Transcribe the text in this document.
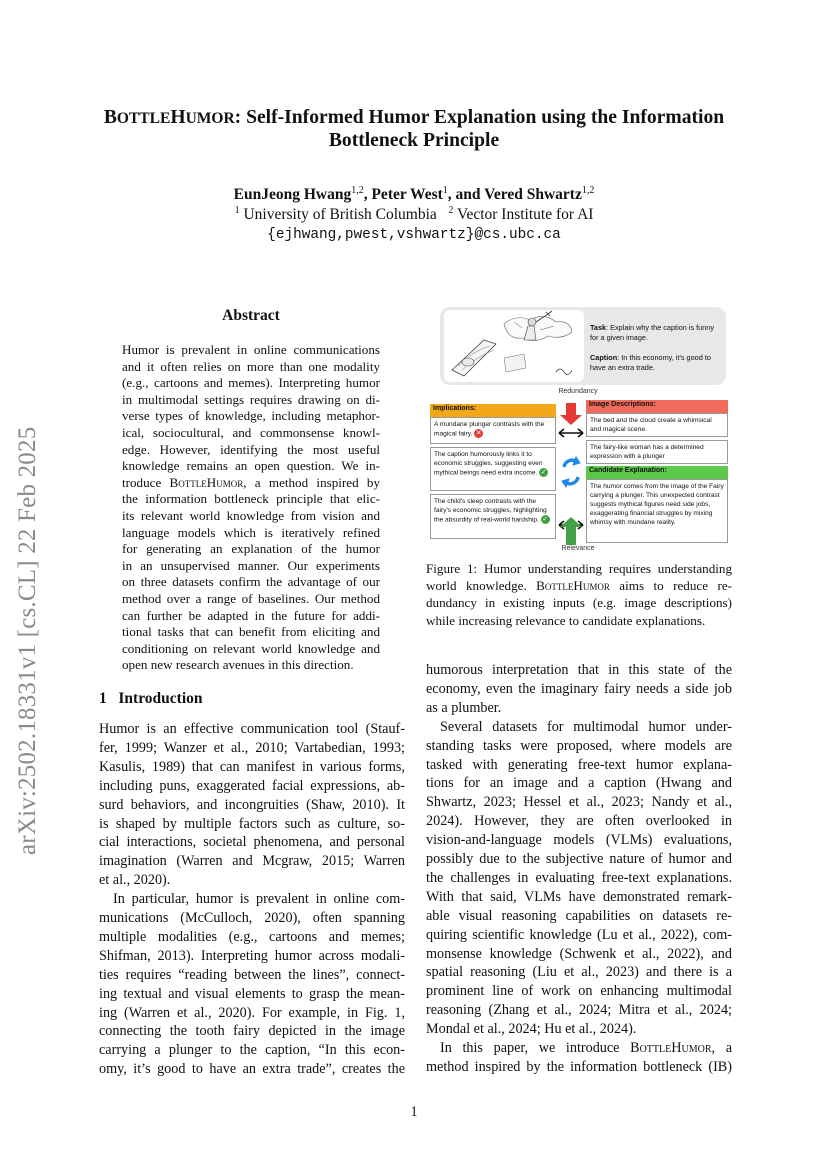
arXiv:2502.18331v1 [cs.CL] 22 Feb 2025
BOTTLEHUMOR: Self-Informed Humor Explanation using the Information
Bottleneck Principle
EunJeong Hwang$^{1,2}$, Peter West$^1$, and Vered Shwartz$^{1,2}$
$^1$ University of British Columbia   $^2$ Vector Institute for AI
{ejhwang,pwest,vshwartz}@cs.ubc.ca
Abstract
Humor is prevalent in online communications
and it often relies on more than one modality
(e.g., cartoons and memes). Interpreting humor
in multimodal settings requires drawing on di-
verse types of knowledge, including metaphor-
ical, sociocultural, and commonsense knowl-
edge. However, identifying the most useful
knowledge remains an open question. We in-
troduce BottleHumor, a method inspired by
the information bottleneck principle that elic-
its relevant world knowledge from vision and
language models which is iteratively refined
for generating an explanation of the humor
in an unsupervised manner. Our experiments
on three datasets confirm the advantage of our
method over a range of baselines. Our method
can further be adapted in the future for addi-
tional tasks that can benefit from eliciting and
conditioning on relevant world knowledge and
open new research avenues in this direction.
1 Introduction
Humor is an effective communication tool (Stauf-
fer, 1999; Wanzer et al., 2010; Vartabedian, 1993;
Kasulis, 1989) that can manifest in various forms,
including puns, exaggerated facial expressions, ab-
surd behaviors, and incongruities (Shaw, 2010). It
is shaped by multiple factors such as culture, so-
cial interactions, societal phenomena, and personal
imagination (Warren and Mcgraw, 2015; Warren
et al., 2020).
In particular, humor is prevalent in online com-
munications (McCulloch, 2020), often spanning
multiple modalities (e.g., cartoons and memes;
Shifman, 2013). Interpreting humor across modali-
ties requires “reading between the lines”, connect-
ing textual and visual elements to grasp the mean-
ing (Warren et al., 2020). For example, in Fig. 1,
connecting the tooth fairy depicted in the image
carrying a plunger to the caption, “In this econ-
omy, it’s good to have an extra trade”, creates the
humorous interpretation that in this state of the
economy, even the imaginary fairy needs a side job
as a plumber.
Several datasets for multimodal humor under-
standing tasks were proposed, where models are
tasked with generating free-text humor explana-
tions for an image and a caption (Hwang and
Shwartz, 2023; Hessel et al., 2023; Nandy et al.,
2024). However, they are often overlooked in
vision-and-language models (VLMs) evaluations,
possibly due to the subjective nature of humor and
the challenges in evaluating free-text explanations.
With that said, VLMs have demonstrated remark-
able visual reasoning capabilities on datasets re-
quiring scientific knowledge (Lu et al., 2022), com-
monsense knowledge (Schwenk et al., 2022), and
spatial reasoning (Liu et al., 2023) and there is a
prominent line of work on enhancing multimodal
reasoning (Zhang et al., 2024; Mitra et al., 2024;
Mondal et al., 2024; Hu et al., 2024).
In this paper, we introduce BottleHumor, a
method inspired by the information bottleneck (IB)
Task: Explain why the caption is funny for a given image.
Caption: In this economy, it's good to have an extra trade.
Redundancy
Implications:
A mundane plunger contrasts with the magical fairy. ✕
The caption humorously links it to economic struggles, suggesting even mythical beings need extra income. ✓
The child's sleep contrasts with the fairy's economic struggles, highlighting the absurdity of real-world hardship. ✓
Image Descriptions:
The bed and the cloud create a whimsical and magical scene.
The fairy-like woman has a determined expression with a plunger
Candidate Explanation:
The humor comes from the image of the Fairy carrying a plunger. This unexpected contrast suggests mythical figures need side jobs, exaggerating financial struggles by mixing whimsy with mundane reality.
Relevance
Figure 1: Humor understanding requires understanding
world knowledge. BottleHumor aims to reduce re-
dundancy in existing inputs (e.g. image descriptions)
while increasing relevance to candidate explanations.
1
